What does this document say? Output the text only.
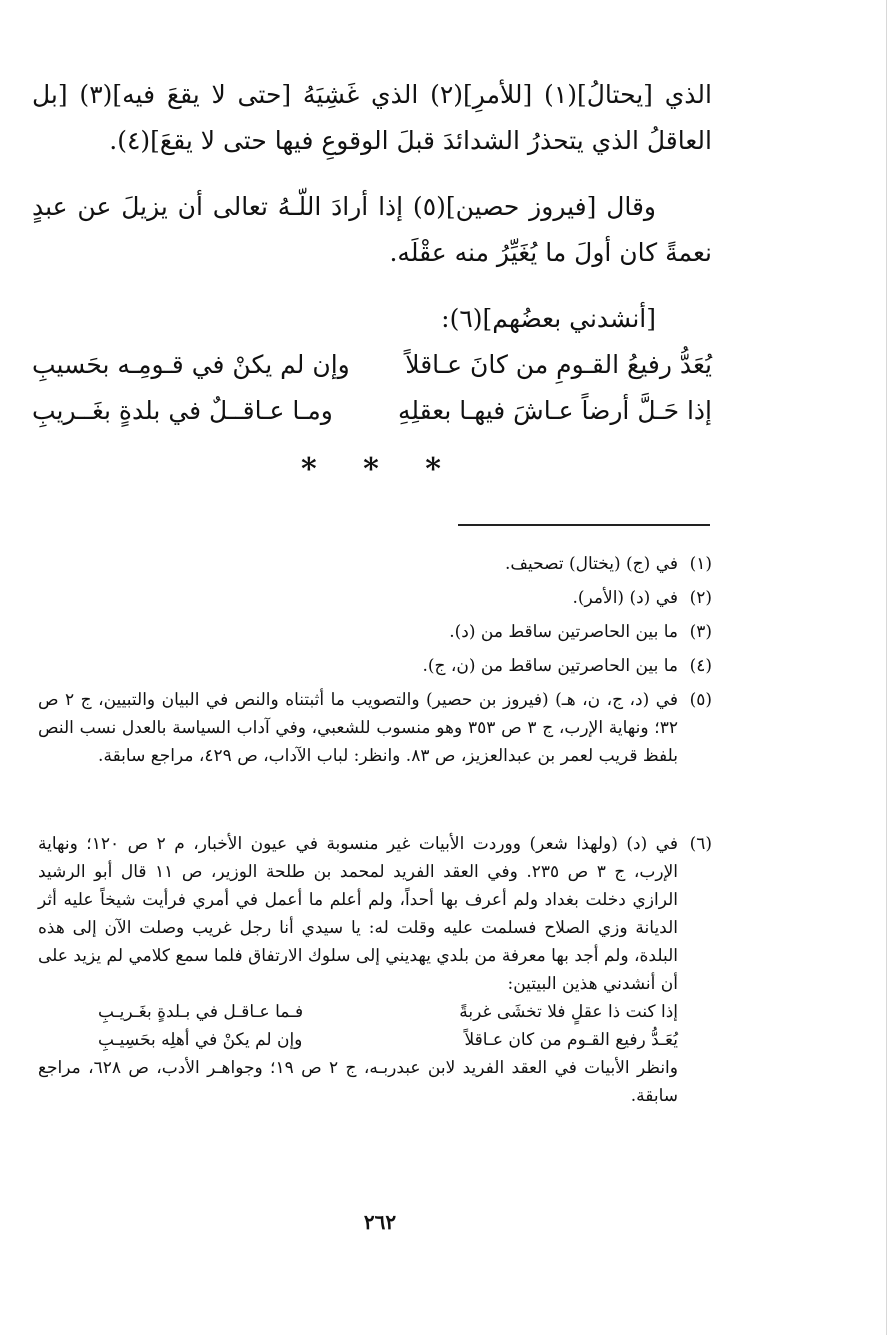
الذي [يحتالُ](١) [للأمرِ](٢) الذي غَشِيَهُ [حتى لا يقعَ فيه](٣) [بل العاقلُ الذي يتحذرُ الشدائدَ قبلَ الوقوعِ فيها حتى لا يقعَ](٤).

وقال [فيروز حصين](٥) إذا أرادَ اللّـهُ تعالى أن يزيلَ عن عبدٍ نعمةً كان أولَ ما يُغَيِّرُ منه عقْلَه.

[أنشدني بعضُهم](٦):

يُعَدُّ رفيعُ القـومِ من كانَ عـاقلاً
وإن لم يكنْ في قـومِـه بحَسيبِ
إذا حَـلَّ أرضاً عـاشَ فيهـا بعقلِهِ
ومـا عـاقــلٌ في بلدةٍ بغَــريبِ
* * *
(١)
في (ج) (يختال) تصحيف.
(٢)
في (د) (الأمر).
(٣)
ما بين الحاصرتين ساقط من (د).
(٤)
ما بين الحاصرتين ساقط من (ن، ج).
(٥)
في (د، ج، ن، هـ) (فيروز بن حصير) والتصويب ما أثبتناه والنص في البيان والتبيين، ج ٢ ص ٣٢؛ ونهاية الإرب، ج ٣ ص ٣٥٣ وهو منسوب للشعبي، وفي آداب السياسة بالعدل نسب النص بلفظ قريب لعمر بن عبدالعزيز، ص ٨٣. وانظر: لباب الآداب، ص ٤٢٩، مراجع سابقة.
(٦)
في (د) (ولهذا شعر) ووردت الأبيات غير منسوبة في عيون الأخبار، م ٢ ص ١٢٠؛ ونهاية الإرب، ج ٣ ص ٢٣٥. وفي العقد الفريد لمحمد بن طلحة الوزير، ص ١١ قال أبو الرشيد الرازي دخلت بغداد ولم أعرف بها أحداً، ولم أعلم ما أعمل في أمري فرأيت شيخاً عليه أثر الديانة وزي الصلاح فسلمت عليه وقلت له: يا سيدي أنا رجل غريب وصلت الآن إلى هذه البلدة، ولم أجد بها معرفة من بلدي يهديني إلى سلوك الارتفاق فلما سمع كلامي لم يزيد على أن أنشدني هذين البيتين:
إذا كنت ذا عقلٍ فلا تخشَى غربةً
فـما عـاقـل في بـلدةٍ بغَـريـبِ
يُعَـدُّ رفيع القـوم من كان عـاقلاً
وإن لم يكنْ في أهلِه بحَسِيـبِ
وانظر الأبيات في العقد الفريد لابن عبدربـه، ج ٢ ص ١٩؛ وجواهـر الأدب، ص ٦٢٨، مراجع سابقة.
٢٦٢
